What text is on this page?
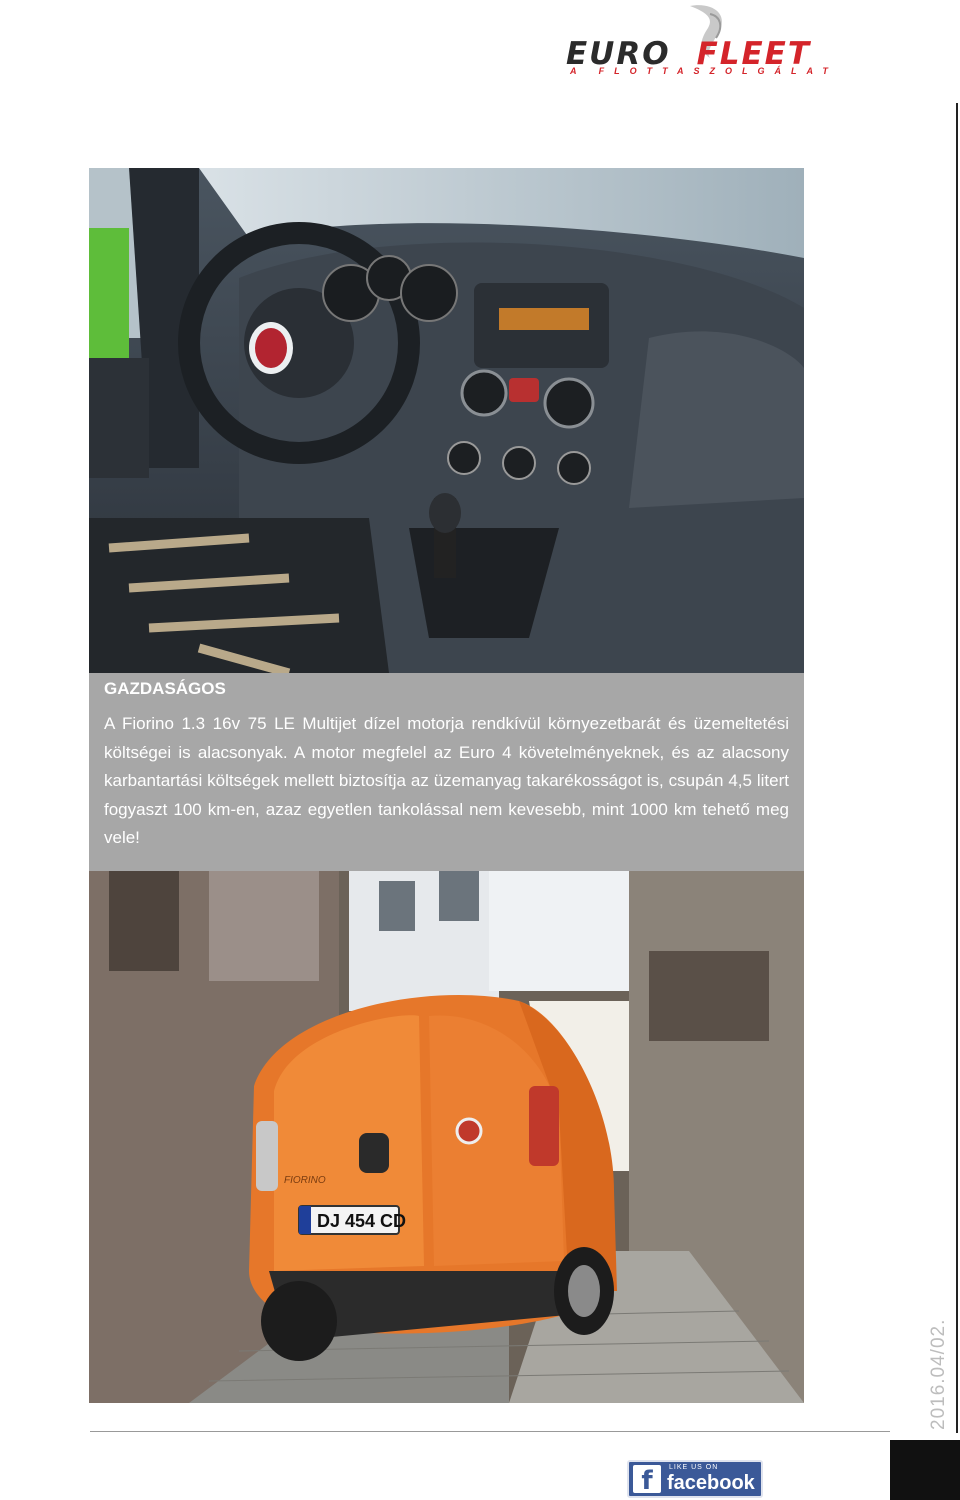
EURO FLEET
A FLOTTASZOLGÁLAT

GAZDASÁGOS

A Fiorino 1.3 16v 75 LE Multijet dízel motorja rendkívül környezetbarát és üzemeltetési költségei is alacsonyak. A motor megfelel az Euro 4 követelményeknek, és az alacsony karbantartási költségek mellett biztosítja az üzemanyag takarékosságot is, csupán 4,5 litert fogyaszt 100 km-en, azaz egyetlen tankolással nem kevesebb, mint 1000 km tehető meg vele!

DJ 454 CD
FIORINO
2016.04/02.
f	LIKE US ON
facebook
